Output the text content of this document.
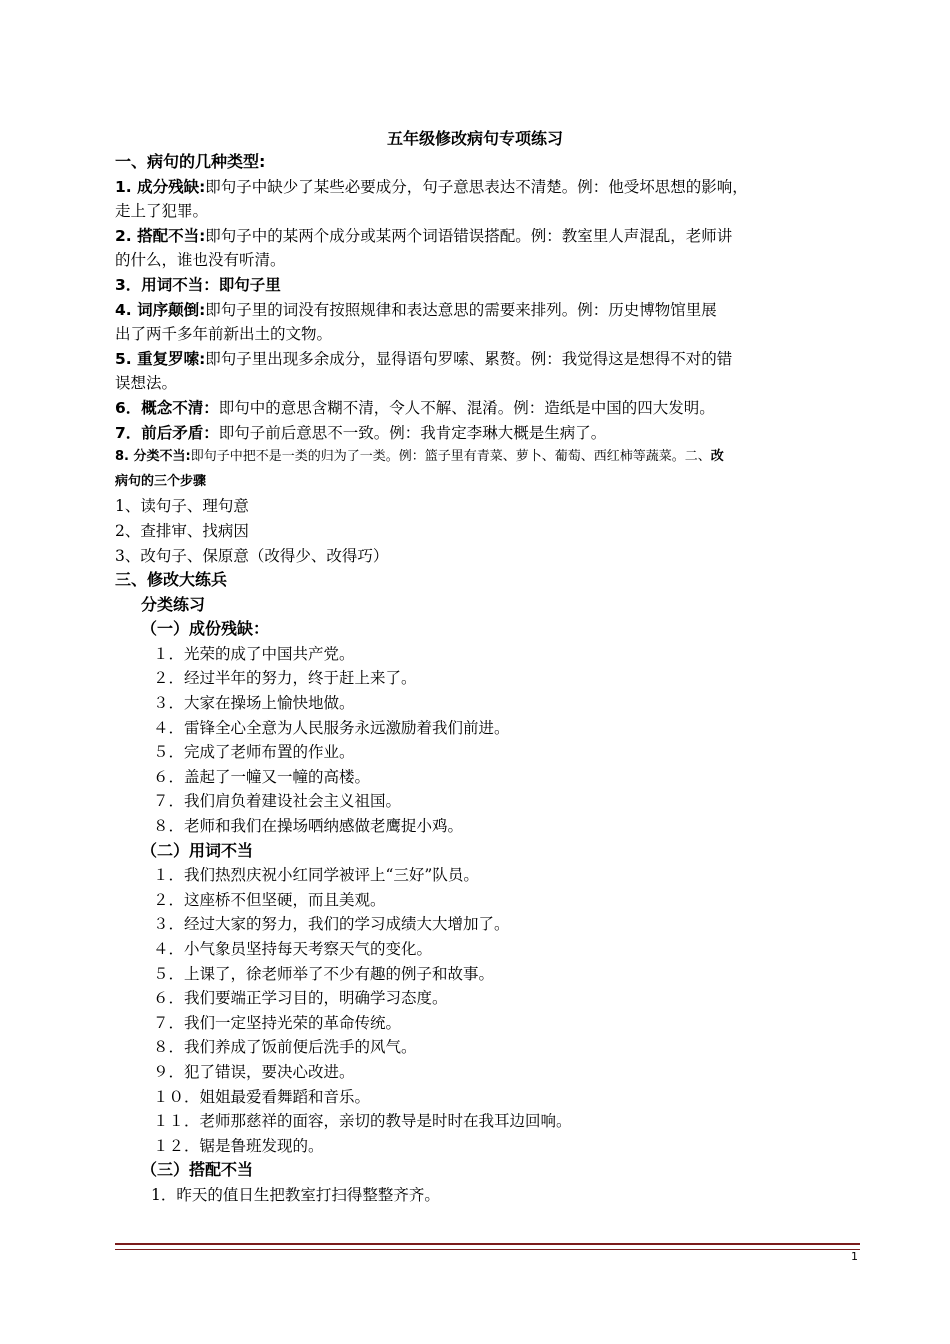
五年级修改病句专项练习

一、病句的几种类型:

1. 成分残缺:即句子中缺少了某些必要成分，句子意思表达不清楚。例：他受坏思想的影响，

走上了犯罪。

2. 搭配不当:即句子中的某两个成分或某两个词语错误搭配。例：教室里人声混乱，老师讲

的什么，谁也没有听清。

3．用词不当：即句子里

4. 词序颠倒:即句子里的词没有按照规律和表达意思的需要来排列。例：历史博物馆里展

出了两千多年前新出土的文物。

5. 重复罗嗦:即句子里出现多余成分，显得语句罗嗦、累赘。例：我觉得这是想得不对的错

误想法。

6．概念不清：即句中的意思含糊不清，令人不解、混淆。例：造纸是中国的四大发明。

7．前后矛盾：即句子前后意思不一致。例：我肯定李琳大概是生病了。

8. 分类不当:即句子中把不是一类的归为了一类。例：篮子里有青菜、萝卜、葡萄、西红柿等蔬菜。二、改

病句的三个步骤

1、读句子、理句意

2、查排审、找病因

3、改句子、保原意（改得少、改得巧）

三、修改大练兵

分类练习

（一）成份残缺：

１．光荣的成了中国共产党。

２．经过半年的努力，终于赶上来了。

３．大家在操场上愉快地做。

４．雷锋全心全意为人民服务永远激励着我们前进。

５．完成了老师布置的作业。

６．盖起了一幢又一幢的高楼。

７．我们肩负着建设社会主义祖国。

８．老师和我们在操场哂纳感做老鹰捉小鸡。

（二）用词不当

１．我们热烈庆祝小红同学被评上“三好”队员。

２．这座桥不但坚硬，而且美观。

３．经过大家的努力，我们的学习成绩大大增加了。

４．小气象员坚持每天考察天气的变化。

５．上课了，徐老师举了不少有趣的例子和故事。

６．我们要端正学习目的，明确学习态度。

７．我们一定坚持光荣的革命传统。

８．我们养成了饭前便后洗手的风气。

９．犯了错误，要决心改进。

１０．姐姐最爱看舞蹈和音乐。

１１．老师那慈祥的面容，亲切的教导是时时在我耳边回响。

１２．锯是鲁班发现的。

（三）搭配不当

1．昨天的值日生把教室打扫得整整齐齐。

1
